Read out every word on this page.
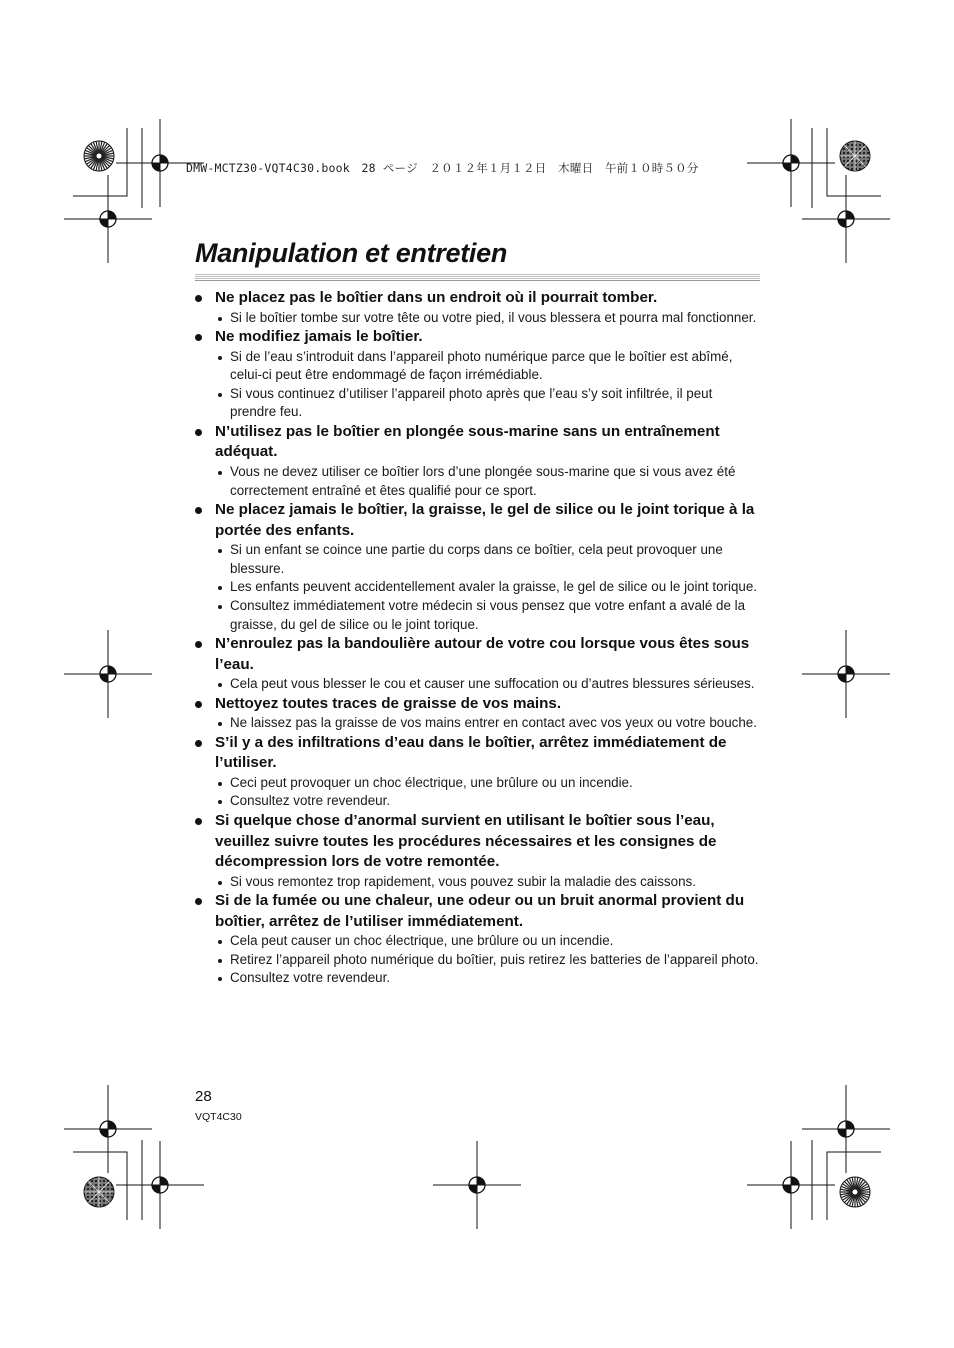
DMW-MCTZ30-VQT4C30.book　28 ページ　２０１２年１月１２日　木曜日　午前１０時５０分
Manipulation et entretien
Ne placez pas le boîtier dans un endroit où il pourrait tomber.
Si le boîtier tombe sur votre tête ou votre pied, il vous blessera et pourra mal fonctionner.
Ne modifiez jamais le boîtier.
Si de l’eau s’introduit dans l’appareil photo numérique parce que le boîtier est abîmé, celui-ci peut être endommagé de façon irrémédiable.
Si vous continuez d’utiliser l’appareil photo après que l’eau s’y soit infiltrée, il peut prendre feu.
N’utilisez pas le boîtier en plongée sous-marine sans un entraînement adéquat.
Vous ne devez utiliser ce boîtier lors d’une plongée sous-marine que si vous avez été correctement entraîné et êtes qualifié pour ce sport.
Ne placez jamais le boîtier, la graisse, le gel de silice ou le joint torique à la portée des enfants.
Si un enfant se coince une partie du corps dans ce boîtier, cela peut provoquer une blessure.
Les enfants peuvent accidentellement avaler la graisse, le gel de silice ou le joint torique.
Consultez immédiatement votre médecin si vous pensez que votre enfant a avalé de la graisse, du gel de silice ou le joint torique.
N’enroulez pas la bandoulière autour de votre cou lorsque vous êtes sous l’eau.
Cela peut vous blesser le cou et causer une suffocation ou d’autres blessures sérieuses.
Nettoyez toutes traces de graisse de vos mains.
Ne laissez pas la graisse de vos mains entrer en contact avec vos yeux ou votre bouche.
S’il y a des infiltrations d’eau dans le boîtier, arrêtez immédiatement de l’utiliser.
Ceci peut provoquer un choc électrique, une brûlure ou un incendie.
Consultez votre revendeur.
Si quelque chose d’anormal survient en utilisant le boîtier sous l’eau, veuillez suivre toutes les procédures nécessaires et les consignes de décompression lors de votre remontée.
Si vous remontez trop rapidement, vous pouvez subir la maladie des caissons.
Si de la fumée ou une chaleur, une odeur ou un bruit anormal provient du boîtier, arrêtez de l’utiliser immédiatement.
Cela peut causer un choc électrique, une brûlure ou un incendie.
Retirez l’appareil photo numérique du boîtier, puis retirez les batteries de l’appareil photo.
Consultez votre revendeur.
28
VQT4C30
